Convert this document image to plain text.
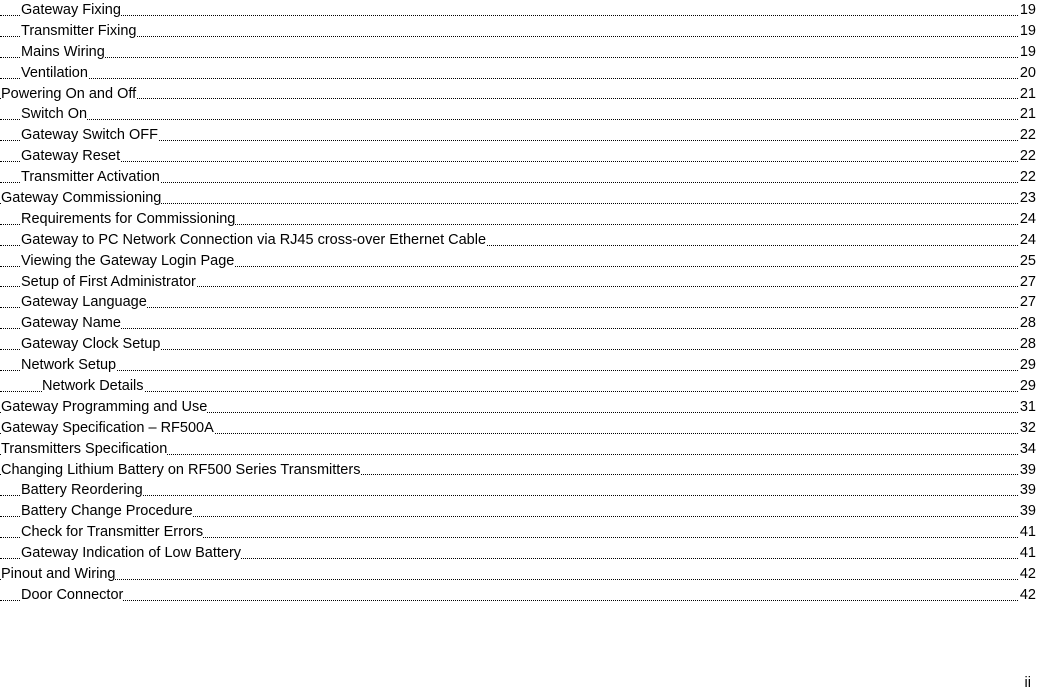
Gateway Fixing	19
Transmitter Fixing	19
Mains Wiring	19
Ventilation	20
Powering On and Off	21
Switch On	21
Gateway Switch OFF	22
Gateway Reset	22
Transmitter Activation	22
Gateway Commissioning	23
Requirements for Commissioning	24
Gateway to PC Network Connection via RJ45 cross-over Ethernet Cable	24
Viewing the Gateway Login Page	25
Setup of First Administrator	27
Gateway Language	27
Gateway Name	28
Gateway Clock Setup	28
Network Setup	29
Network Details	29
Gateway Programming and Use	31
Gateway Specification – RF500A	32
Transmitters Specification	34
Changing Lithium Battery on RF500 Series Transmitters	39
Battery Reordering	39
Battery Change Procedure	39
Check for Transmitter Errors	41
Gateway Indication of Low Battery	41
Pinout and Wiring	42
Door Connector	42
ii
